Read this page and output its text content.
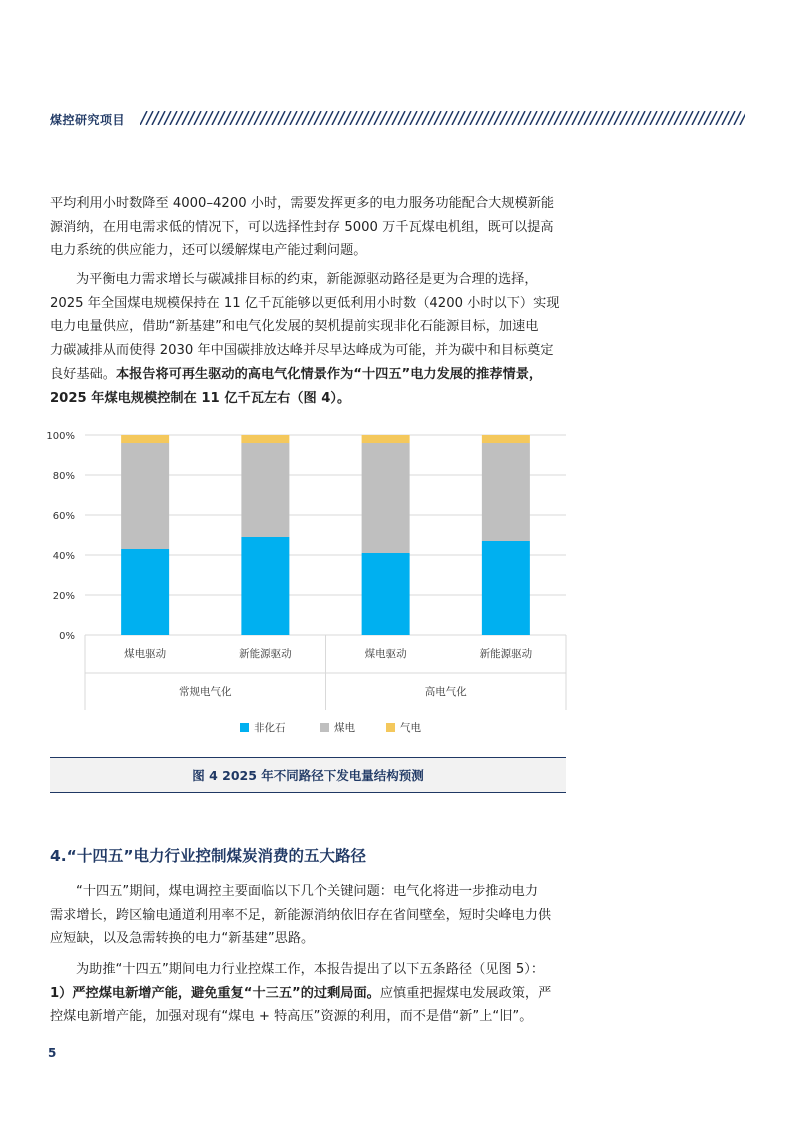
煤控研究项目

平均利用小时数降至 4000–4200 小时，需要发挥更多的电力服务功能配合大规模新能
源消纳，在用电需求低的情况下，可以选择性封存 5000 万千瓦煤电机组，既可以提高
电力系统的供应能力，还可以缓解煤电产能过剩问题。

为平衡电力需求增长与碳减排目标的约束，新能源驱动路径是更为合理的选择，
2025 年全国煤电规模保持在 11 亿千瓦能够以更低利用小时数（4200 小时以下）实现
电力电量供应，借助“新基建”和电气化发展的契机提前实现非化石能源目标，加速电
力碳减排从而使得 2030 年中国碳排放达峰并尽早达峰成为可能，并为碳中和目标奠定
良好基础。本报告将可再生驱动的高电气化情景作为“十四五”电力发展的推荐情景，
2025 年煤电规模控制在 11 亿千瓦左右（图 4）。

0%
20%
40%
60%
80%
100%
煤电驱动	新能源驱动	煤电驱动	新能源驱动
常规电气化	高电气化
非化石	煤电	气电
图 4 2025 年不同路径下发电量结构预测
4.“十四五”电力行业控制煤炭消费的五大路径

“十四五”期间，煤电调控主要面临以下几个关键问题：电气化将进一步推动电力
需求增长，跨区输电通道利用率不足，新能源消纳依旧存在省间壁垒，短时尖峰电力供
应短缺，以及急需转换的电力“新基建”思路。

为助推“十四五”期间电力行业控煤工作，本报告提出了以下五条路径（见图 5）：
1）严控煤电新增产能，避免重复“十三五”的过剩局面。应慎重把握煤电发展政策，严
控煤电新增产能，加强对现有“煤电 + 特高压”资源的利用，而不是借“新”上“旧”。

5
